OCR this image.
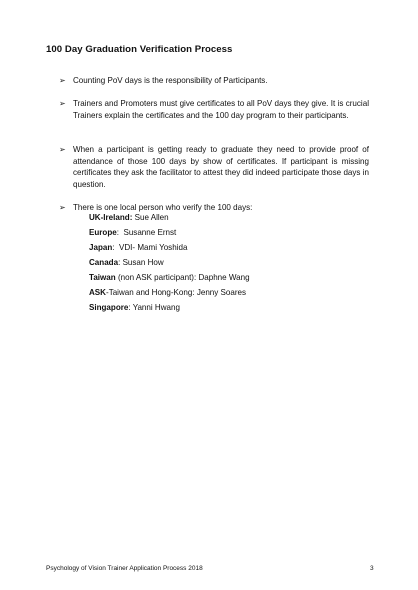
100 Day Graduation Verification Process
➢ Counting PoV days is the responsibility of Participants.
➢ Trainers and Promoters must give certificates to all PoV days they give. It is crucial Trainers explain the certificates and the 100 day program to their participants.
➢ When a participant is getting ready to graduate they need to provide proof of attendance of those 100 days by show of certificates. If participant is missing certificates they ask the facilitator to attest they did indeed participate those days in question.
➢ There is one local person who verify the 100 days:
UK-Ireland: Sue Allen
Europe:  Susanne Ernst
Japan:  VDI- Mami Yoshida
Canada: Susan How
Taiwan (non ASK participant): Daphne Wang
ASK-Taiwan and Hong-Kong: Jenny Soares
Singapore: Yanni Hwang
Psychology of Vision Trainer Application Process 2018	3
